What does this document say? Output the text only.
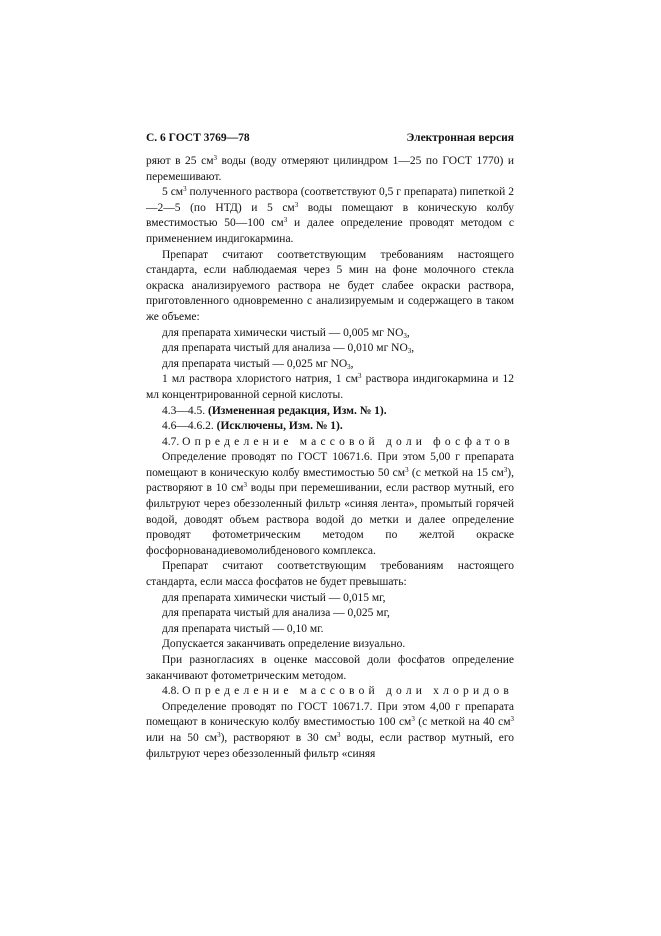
С. 6 ГОСТ 3769—78	Электронная версия

ряют в 25 $см^3$ воды (воду отмеряют цилиндром 1—25 по ГОСТ 1770) и перемешивают.

5 $см^3$ полученного раствора (соответствуют 0,5 г препарата) пипеткой 2—2—5 (по НТД) и 5 $см^3$ воды помещают в коническую колбу вместимостью 50—100 $см^3$ и далее определение проводят методом с применением индигокармина.

Препарат считают соответствующим требованиям настоящего стандарта, если наблюдаемая через 5 мин на фоне молочного стекла окраска анализируемого раствора не будет слабее окраски раствора, приготовленного одновременно с анализируемым и содержащего в таком же объеме:

для препарата химически чистый — 0,005 мг $NO_3$,

для препарата чистый для анализа — 0,010 мг $NO_3$,

для препарата чистый — 0,025 мг $NO_3$,

1 мл раствора хлористого натрия, 1 $см^3$ раствора индигокармина и 12 мл концентрированной серной кислоты.

4.3—4.5. (Измененная редакция, Изм. № 1).

4.6—4.6.2. (Исключены, Изм. № 1).

4.7. Определение массовой доли фосфатов

Определение проводят по ГОСТ 10671.6. При этом 5,00 г препарата помещают в коническую колбу вместимостью 50 $см^3$ (с меткой на 15 $см^3$), растворяют в 10 $см^3$ воды при перемешивании, если раствор мутный, его фильтруют через обеззоленный фильтр «синяя лента», промытый горячей водой, доводят объем раствора водой до метки и далее определение проводят фотометрическим методом по желтой окраске фосфорнованадиевомолибденового комплекса.

Препарат считают соответствующим требованиям настоящего стандарта, если масса фосфатов не будет превышать:

для препарата химически чистый — 0,015 мг,

для препарата чистый для анализа — 0,025 мг,

для препарата чистый — 0,10 мг.

Допускается заканчивать определение визуально.

При разногласиях в оценке массовой доли фосфатов определение заканчивают фотометрическим методом.

4.8. Определение массовой доли хлоридов

Определение проводят по ГОСТ 10671.7. При этом 4,00 г препарата помещают в коническую колбу вместимостью 100 $см^3$ (с меткой на 40 $см^3$ или на 50 $см^3$), растворяют в 30 $см^3$ воды, если раствор мутный, его фильтруют через обеззоленный фильтр «синяя
